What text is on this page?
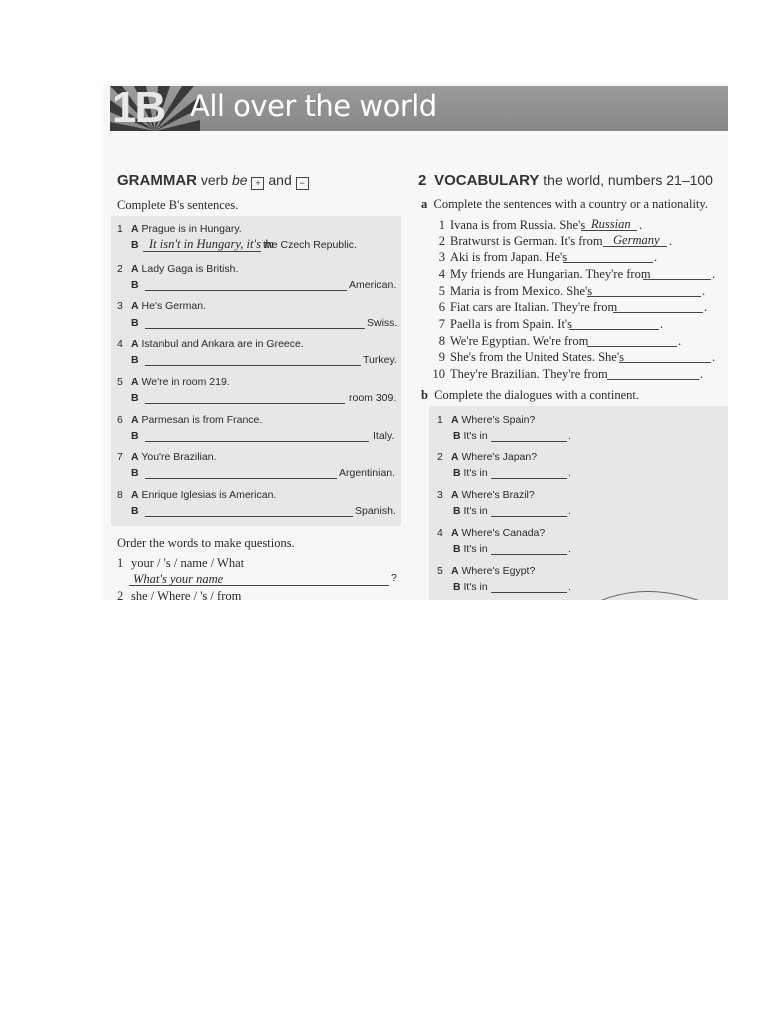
1B All over the world
GRAMMAR verb be + and −
Complete B's sentences.
1 A Prague is in Hungary.
B It isn't in Hungary, it's in
the Czech Republic.
2 A Lady Gaga is British.
B	American.
3 A He's German.
B	Swiss.
4 A Istanbul and Ankara are in Greece.
B	Turkey.
5 A We're in room 219.
B	room 309.
6 A Parmesan is from France.
B	Italy.
7 A You're Brazilian.
B	Argentinian.
8 A Enrique Iglesias is American.
B	Spanish.
Order the words to make questions.
1 your / 's / name / What
What's your name	?
2 she / Where / 's / from
2 VOCABULARY the world, numbers 21–100
a Complete the sentences with a country or a nationality.
1 Ivana is from Russia. She's Russian .
2 Bratwurst is German. It's from Germany .
3 Aki is from Japan. He's	.
4 My friends are Hungarian. They're from	.
5 Maria is from Mexico. She's	.
6 Fiat cars are Italian. They're from	.
7 Paella is from Spain. It's	.
8 We're Egyptian. We're from	.
9 She's from the United States. She's	.
10 They're Brazilian. They're from	.
b Complete the dialogues with a continent.
1 A Where's Spain?
B It's in	.
2 A Where's Japan?
B It's in	.
3 A Where's Brazil?
B It's in	.
4 A Where's Canada?
B It's in	.
5 A Where's Egypt?
B It's in	.
